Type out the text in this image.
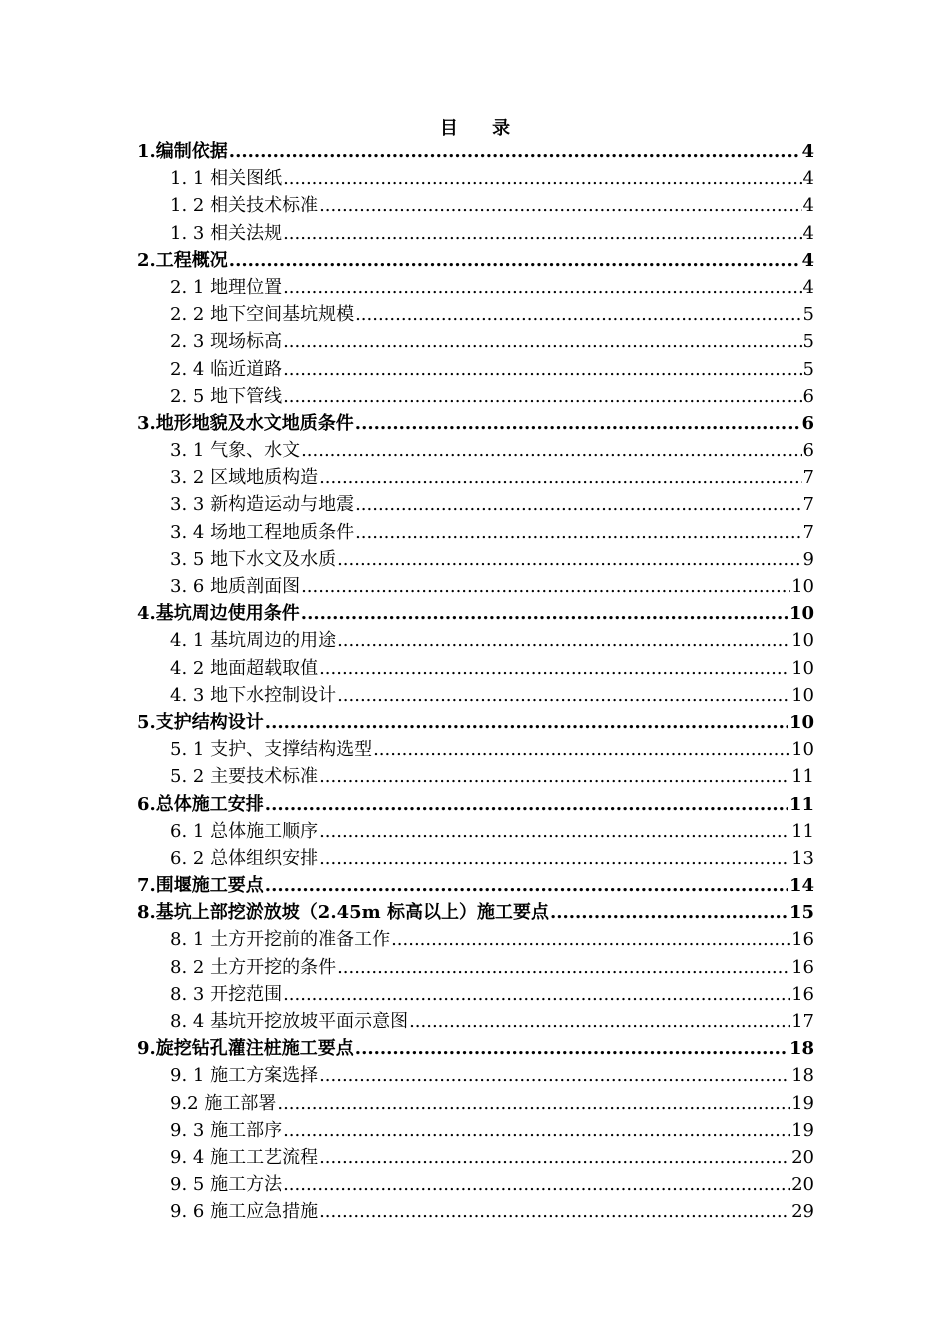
目 录
1.编制依据 .....	4
1. 1 相关图纸 .....	4
1. 2 相关技术标准 .....	4
1. 3 相关法规 .....	4
2.工程概况 .....	4
2. 1 地理位置 .....	4
2. 2 地下空间基坑规模 .....	5
2. 3 现场标高 .....	5
2. 4 临近道路 .....	5
2. 5 地下管线 .....	6
3.地形地貌及水文地质条件 .....	6
3. 1 气象、水文 .....	6
3. 2 区域地质构造 .....	7
3. 3 新构造运动与地震 .....	7
3. 4 场地工程地质条件 .....	7
3. 5 地下水文及水质 .....	9
3. 6 地质剖面图 .....	10
4.基坑周边使用条件 .....	10
4. 1 基坑周边的用途 .....	10
4. 2 地面超载取值 .....	10
4. 3 地下水控制设计 .....	10
5.支护结构设计 .....	10
5. 1 支护、支撑结构选型 .....	10
5. 2 主要技术标准 .....	11
6.总体施工安排 .....	11
6. 1 总体施工顺序 .....	11
6. 2 总体组织安排 .....	13
7.围堰施工要点 .....	14
8.基坑上部挖淤放坡（2.45m 标高以上）施工要点 .....	15
8. 1 土方开挖前的准备工作 .....	16
8. 2 土方开挖的条件 .....	16
8. 3 开挖范围 .....	16
8. 4 基坑开挖放坡平面示意图 .....	17
9.旋挖钻孔灌注桩施工要点 .....	18
9. 1 施工方案选择 .....	18
9.2 施工部署 .....	19
9. 3 施工部序 .....	19
9. 4 施工工艺流程 .....	20
9. 5 施工方法 .....	20
9. 6 施工应急措施 .....	29
